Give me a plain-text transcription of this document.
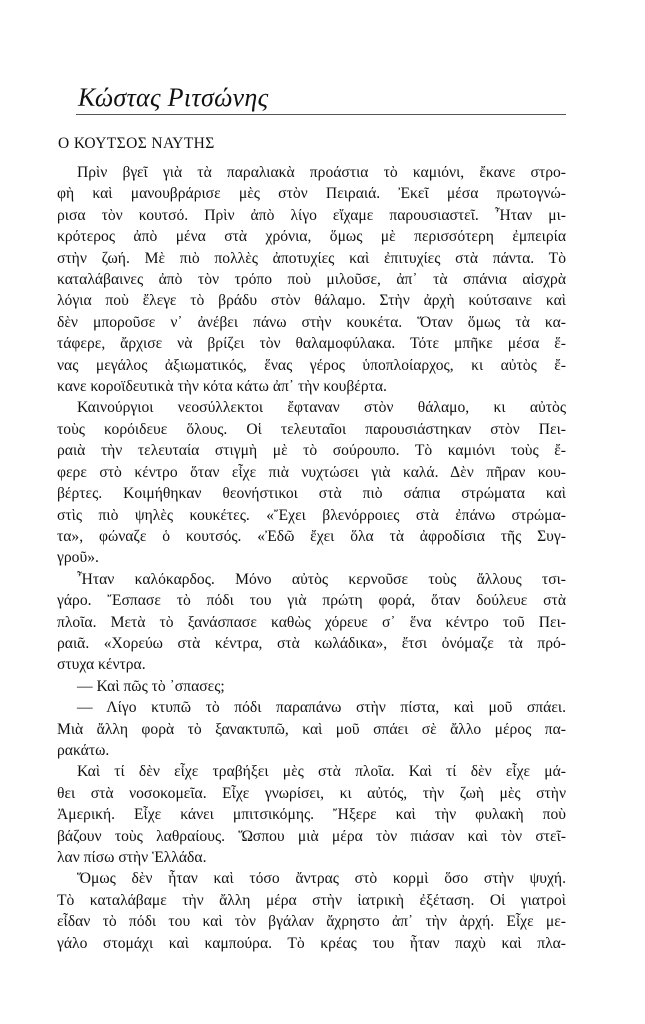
Κώστας Ριτσώνης
Ο ΚΟΥΤΣΟΣ ΝΑΥΤΗΣ
Πρὶν βγεῖ γιὰ τὰ παραλιακὰ προάστια τὸ καμιόνι, ἔκανε στρο-
φὴ καὶ μανουβράρισε μὲς στὸν Πειραιά. Ἐκεῖ μέσα πρωτογνώ-
ρισα τὸν κουτσό. Πρὶν ἀπὸ λίγο εἴχαμε παρουσιαστεῖ. Ἦταν μι-
κρότερος ἀπὸ μένα στὰ χρόνια, ὅμως μὲ περισσότερη ἐμπειρία
στὴν ζωή. Μὲ πιὸ πολλὲς ἀποτυχίες καὶ ἐπιτυχίες στὰ πάντα. Τὸ
καταλάβαινες ἀπὸ τὸν τρόπο ποὺ μιλοῦσε, ἀπ᾽ τὰ σπάνια αἰσχρὰ
λόγια ποὺ ἔλεγε τὸ βράδυ στὸν θάλαμο. Στὴν ἀρχὴ κούτσαινε καὶ
δὲν μποροῦσε ν᾽ ἀνέβει πάνω στὴν κουκέτα. Ὅταν ὅμως τὰ κα-
τάφερε, ἄρχισε νὰ βρίζει τὸν θαλαμοφύλακα. Τότε μπῆκε μέσα ἕ-
νας μεγάλος ἀξιωματικός, ἕνας γέρος ὑποπλοίαρχος, κι αὐτὸς ἔ-
κανε κοροϊδευτικὰ τὴν κότα κάτω ἀπ᾽ τὴν κουβέρτα.
Καινούργιοι νεοσύλλεκτοι ἔφταναν στὸν θάλαμο, κι αὐτὸς
τοὺς κορόιδευε ὅλους. Οἱ τελευταῖοι παρουσιάστηκαν στὸν Πει-
ραιὰ τὴν τελευταία στιγμὴ μὲ τὸ σούρουπο. Τὸ καμιόνι τοὺς ἔ-
φερε στὸ κέντρο ὅταν εἶχε πιὰ νυχτώσει γιὰ καλά. Δὲν πῆραν κου-
βέρτες. Κοιμήθηκαν θεονήστικοι στὰ πιὸ σάπια στρώματα καὶ
στὶς πιὸ ψηλὲς κουκέτες. «Ἔχει βλενόρροιες στὰ ἐπάνω στρώμα-
τα», φώναζε ὁ κουτσός. «Ἐδῶ ἔχει ὅλα τὰ ἀφροδίσια τῆς Συγ-
γροῦ».
Ἦταν καλόκαρδος. Μόνο αὐτὸς κερνοῦσε τοὺς ἄλλους τσι-
γάρο. Ἔσπασε τὸ πόδι του γιὰ πρώτη φορά, ὅταν δούλευε στὰ
πλοῖα. Μετὰ τὸ ξανάσπασε καθὼς χόρευε σ᾽ ἕνα κέντρο τοῦ Πει-
ραιᾶ. «Χορεύω στὰ κέντρα, στὰ κωλάδικα», ἔτσι ὀνόμαζε τὰ πρό-
στυχα κέντρα.
— Καὶ πῶς τὸ ᾽σπασες;
— Λίγο κτυπῶ τὸ πόδι παραπάνω στὴν πίστα, καὶ μοῦ σπάει.
Μιὰ ἄλλη φορὰ τὸ ξανακτυπῶ, καὶ μοῦ σπάει σὲ ἄλλο μέρος πα-
ρακάτω.
Καὶ τί δὲν εἶχε τραβήξει μὲς στὰ πλοῖα. Καὶ τί δὲν εἶχε μά-
θει στὰ νοσοκομεῖα. Εἶχε γνωρίσει, κι αὐτός, τὴν ζωὴ μὲς στὴν
Ἀμερική. Εἶχε κάνει μπιτσικόμης. Ἤξερε καὶ τὴν φυλακὴ ποὺ
βάζουν τοὺς λαθραίους. Ὥσπου μιὰ μέρα τὸν πιάσαν καὶ τὸν στεῖ-
λαν πίσω στὴν Ἑλλάδα.
Ὅμως δὲν ἦταν καὶ τόσο ἄντρας στὸ κορμὶ ὅσο στὴν ψυχή.
Τὸ καταλάβαμε τὴν ἄλλη μέρα στὴν ἰατρικὴ ἐξέταση. Οἱ γιατροὶ
εἶδαν τὸ πόδι του καὶ τὸν βγάλαν ἄχρηστο ἀπ᾽ τὴν ἀρχή. Εἶχε με-
γάλο στομάχι καὶ καμπούρα. Τὸ κρέας του ἦταν παχὺ καὶ πλα-
